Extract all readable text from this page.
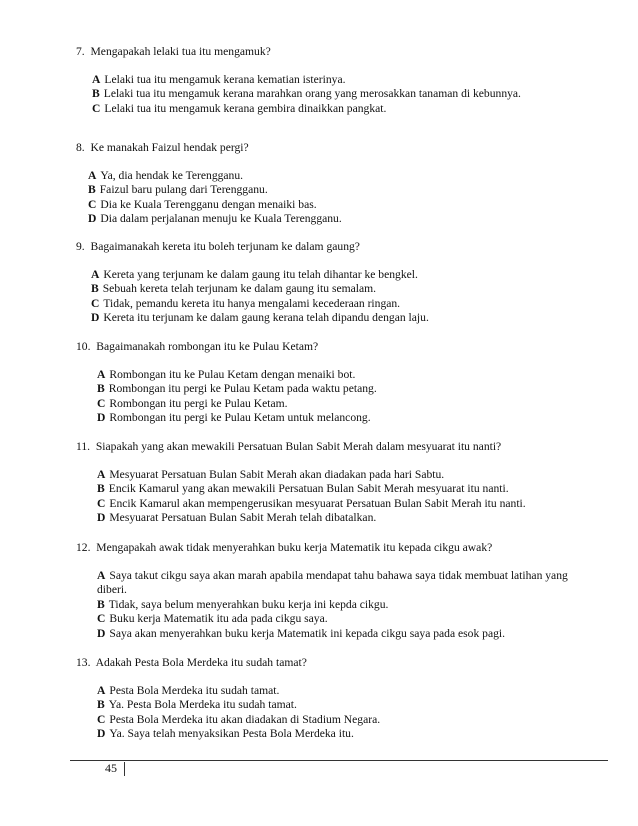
7. Mengapakah lelaki tua itu mengamuk?
A Lelaki tua itu mengamuk kerana kematian isterinya.
B Lelaki tua itu mengamuk kerana marahkan orang yang merosakkan tanaman di kebunnya.
C Lelaki tua itu mengamuk kerana gembira dinaikkan pangkat.
8. Ke manakah Faizul hendak pergi?
A Ya, dia hendak ke Terengganu.
B Faizul baru pulang dari Terengganu.
C Dia ke Kuala Terengganu dengan menaiki bas.
D Dia dalam perjalanan menuju ke Kuala Terengganu.
9. Bagaimanakah kereta itu boleh terjunam ke dalam gaung?
A Kereta yang terjunam ke dalam gaung itu telah dihantar ke bengkel.
B Sebuah kereta telah terjunam ke dalam gaung itu semalam.
C Tidak, pemandu kereta itu hanya mengalami kecederaan ringan.
D Kereta itu terjunam ke dalam gaung kerana telah dipandu dengan laju.
10. Bagaimanakah rombongan itu ke Pulau Ketam?
A Rombongan itu ke Pulau Ketam dengan menaiki bot.
B Rombongan itu pergi ke Pulau Ketam pada waktu petang.
C Rombongan itu pergi ke Pulau Ketam.
D Rombongan itu pergi ke Pulau Ketam untuk melancong.
11. Siapakah yang akan mewakili Persatuan Bulan Sabit Merah dalam mesyuarat itu nanti?
A Mesyuarat Persatuan Bulan Sabit Merah akan diadakan pada hari Sabtu.
B Encik Kamarul yang akan mewakili Persatuan Bulan Sabit Merah mesyuarat itu nanti.
C Encik Kamarul akan mempengerusikan mesyuarat Persatuan Bulan Sabit Merah itu nanti.
D Mesyuarat Persatuan Bulan Sabit Merah telah dibatalkan.
12. Mengapakah awak tidak menyerahkan buku kerja Matematik itu kepada cikgu awak?
A Saya takut cikgu saya akan marah apabila mendapat tahu bahawa saya tidak membuat latihan yang diberi.
B Tidak, saya belum menyerahkan buku kerja ini kepda cikgu.
C Buku kerja Matematik itu ada pada cikgu saya.
D Saya akan menyerahkan buku kerja Matematik ini kepada cikgu saya pada esok pagi.
13. Adakah Pesta Bola Merdeka itu sudah tamat?
A Pesta Bola Merdeka itu sudah tamat.
B Ya. Pesta Bola Merdeka itu sudah tamat.
C Pesta Bola Merdeka itu akan diadakan di Stadium Negara.
D Ya. Saya telah menyaksikan Pesta Bola Merdeka itu.
45
